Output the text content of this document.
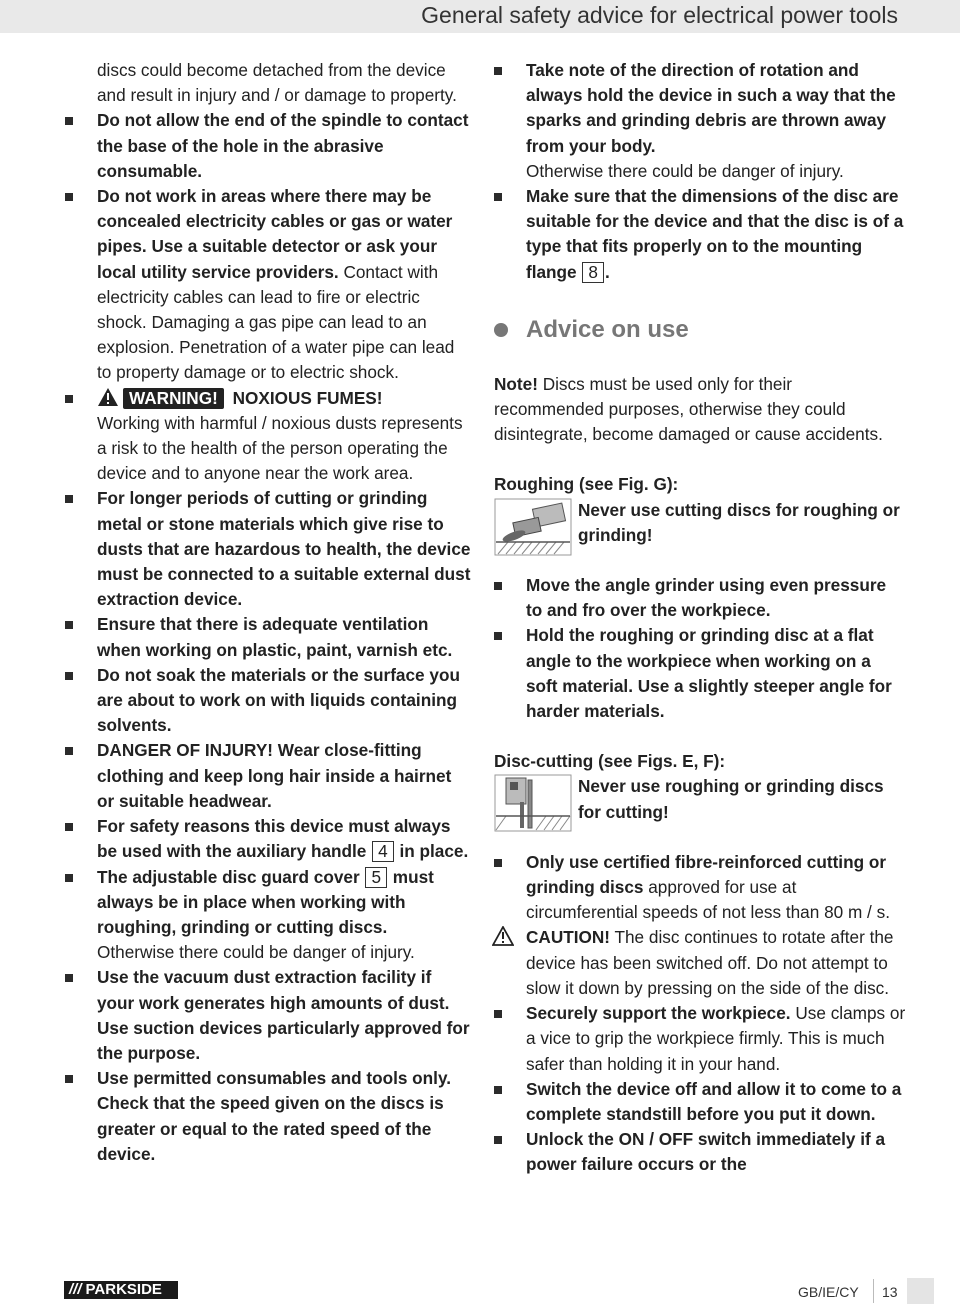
General safety advice for electrical power tools

discs could become detached from the device and result in injury and / or damage to property.

Do not allow the end of the spindle to contact the base of the hole in the abrasive consumable.

Do not work in areas where there may be concealed electricity cables or gas or water pipes. Use a suitable detector or ask your local utility service providers. Contact with electricity cables can lead to fire or electric shock. Damaging a gas pipe can lead to an explosion. Penetration of a water pipe can lead to property damage or to electric shock.

WARNING! NOXIOUS FUMES!
Working with harmful / noxious dusts represents a risk to the health of the person operating the device and to anyone near the work area.

For longer periods of cutting or grinding metal or stone materials which give rise to dusts that are hazardous to health, the device must be connected to a suitable external dust extraction device.

Ensure that there is adequate ventilation when working on plastic, paint, varnish etc.

Do not soak the materials or the surface you are about to work on with liquids containing solvents.

DANGER OF INJURY! Wear close-fitting clothing and keep long hair inside a hairnet or suitable headwear.

For safety reasons this device must always be used with the auxiliary handle 4 in place.

The adjustable disc guard cover 5 must always be in place when working with roughing, grinding or cutting discs.
Otherwise there could be danger of injury.

Use the vacuum dust extraction facility if your work generates high amounts of dust. Use suction devices particularly approved for the purpose.

Use permitted consumables and tools only. Check that the speed given on the discs is greater or equal to the rated speed of the device.

Take note of the direction of rotation and always hold the device in such a way that the sparks and grinding debris are thrown away from your body.
Otherwise there could be danger of injury.

Make sure that the dimensions of the disc are suitable for the device and that the disc is of a type that fits properly on to the mounting flange 8 .

Advice on use

Note! Discs must be used only for their recommended purposes, otherwise they could disintegrate, become damaged or cause accidents.

Roughing (see Fig. G):

Never use cutting discs for roughing or grinding!

Move the angle grinder using even pressure to and fro over the workpiece.

Hold the roughing or grinding disc at a flat angle to the workpiece when working on a soft material. Use a slightly steeper angle for harder materials.

Disc-cutting (see Figs. E, F):

Never use roughing or grinding discs for cutting!

Only use certified fibre-reinforced cutting or grinding discs approved for use at circumferential speeds of not less than 80 m / s.

CAUTION! The disc continues to rotate after the device has been switched off. Do not attempt to slow it down by pressing on the side of the disc.

Securely support the workpiece. Use clamps or a vice to grip the workpiece firmly. This is much safer than holding it in your hand.

Switch the device off and allow it to come to a complete standstill before you put it down.

Unlock the ON / OFF switch immediately if a power failure occurs or the

/// PARKSIDE	GB/IE/CY 13
